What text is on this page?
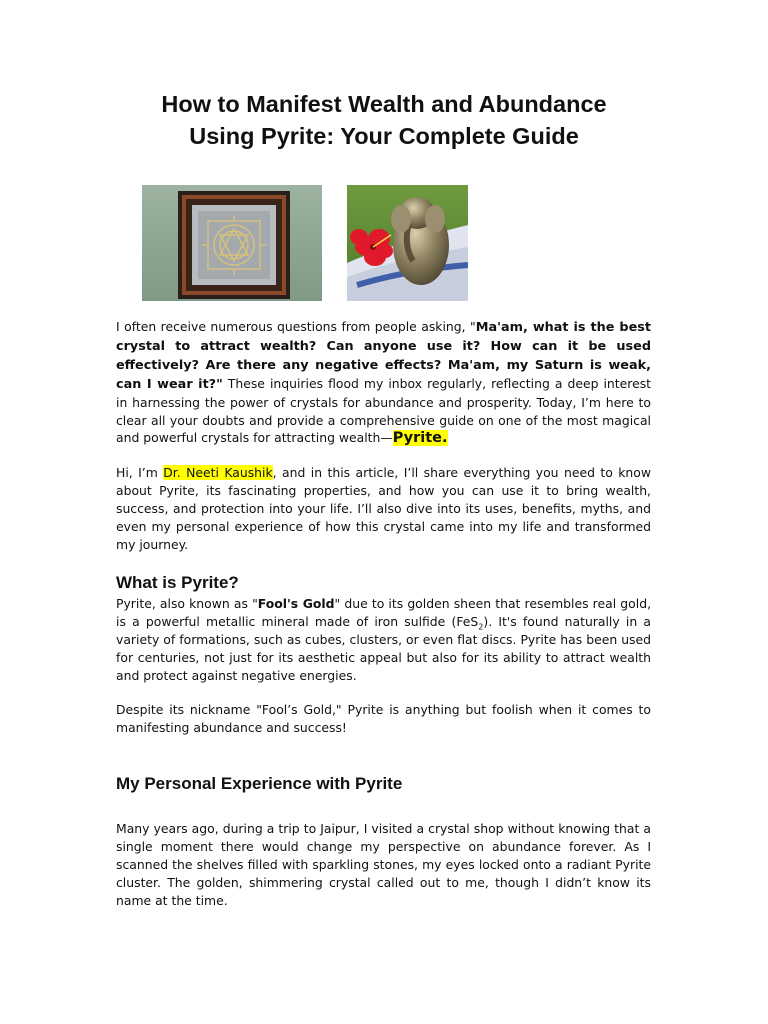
How to Manifest Wealth and Abundance
Using Pyrite: Your Complete Guide
I often receive numerous questions from people asking, "Ma'am, what is the best crystal to attract wealth? Can anyone use it? How can it be used effectively? Are there any negative effects? Ma'am, my Saturn is weak, can I wear it?" These inquiries flood my inbox regularly, reflecting a deep interest in harnessing the power of crystals for abundance and prosperity. Today, I’m here to clear all your doubts and provide a comprehensive guide on one of the most magical and powerful crystals for attracting wealth—Pyrite.
Hi, I’m Dr. Neeti Kaushik, and in this article, I’ll share everything you need to know about Pyrite, its fascinating properties, and how you can use it to bring wealth, success, and protection into your life. I’ll also dive into its uses, benefits, myths, and even my personal experience of how this crystal came into my life and transformed my journey.
What is Pyrite?
Pyrite, also known as "Fool's Gold" due to its golden sheen that resembles real gold, is a powerful metallic mineral made of iron sulfide (FeS$_2$). It's found naturally in a variety of formations, such as cubes, clusters, or even flat discs. Pyrite has been used for centuries, not just for its aesthetic appeal but also for its ability to attract wealth and protect against negative energies.
Despite its nickname "Fool’s Gold," Pyrite is anything but foolish when it comes to manifesting abundance and success!
My Personal Experience with Pyrite
Many years ago, during a trip to Jaipur, I visited a crystal shop without knowing that a single moment there would change my perspective on abundance forever. As I scanned the shelves filled with sparkling stones, my eyes locked onto a radiant Pyrite cluster. The golden, shimmering crystal called out to me, though I didn’t know its name at the time.
